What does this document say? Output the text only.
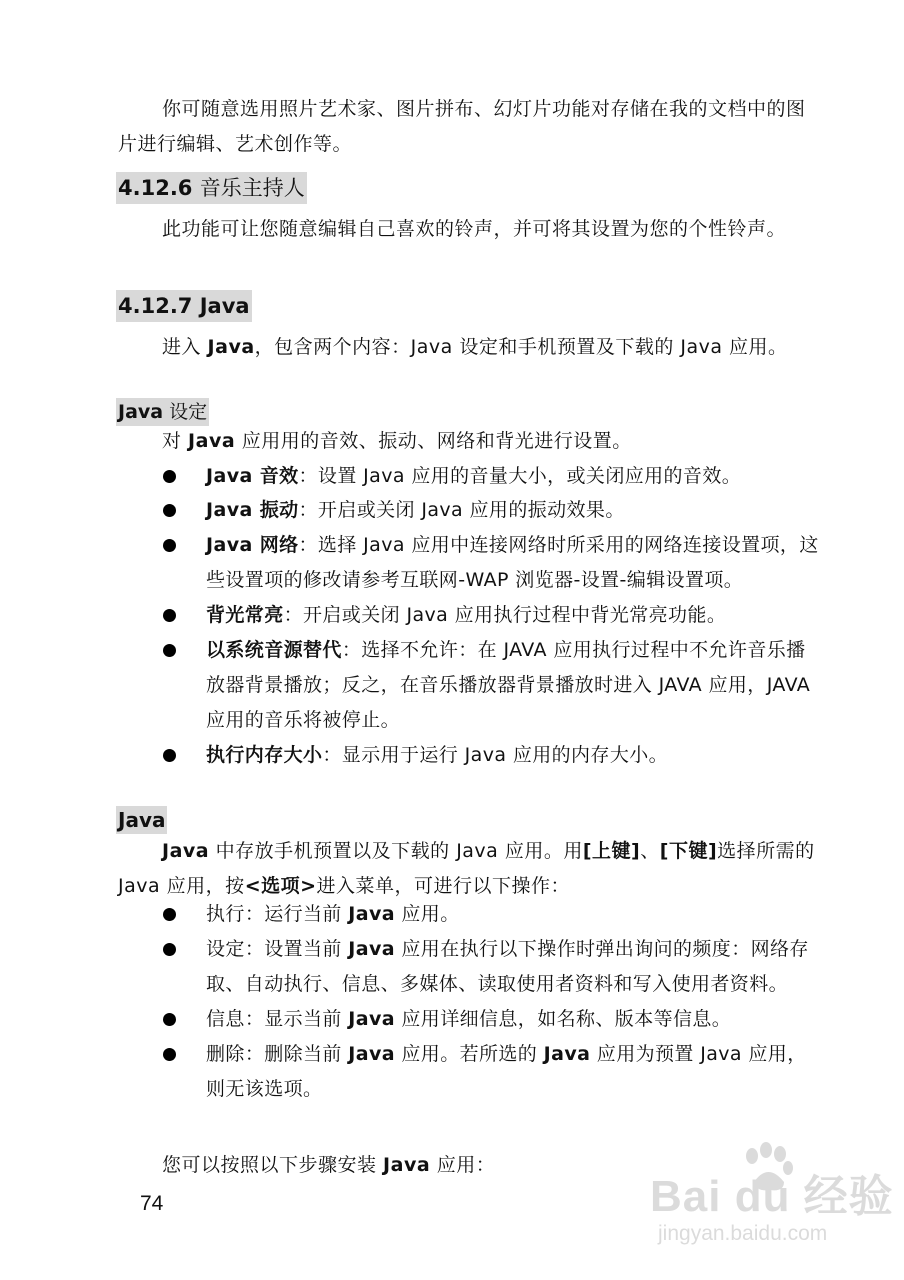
你可随意选用照片艺术家、图片拼布、幻灯片功能对存储在我的文档中的图片进行编辑、艺术创作等。

4.12.6 音乐主持人

此功能可让您随意编辑自己喜欢的铃声，并可将其设置为您的个性铃声。

4.12.7 Java

进入 Java，包含两个内容：Java 设定和手机预置及下载的 Java 应用。

Java 设定

对 Java 应用用的音效、振动、网络和背光进行设置。

Java 音效：设置 Java 应用的音量大小，或关闭应用的音效。
Java 振动：开启或关闭 Java 应用的振动效果。
Java 网络：选择 Java 应用中连接网络时所采用的网络连接设置项，这些设置项的修改请参考互联网-WAP 浏览器-设置-编辑设置项。
背光常亮：开启或关闭 Java 应用执行过程中背光常亮功能。
以系统音源替代：选择不允许：在 JAVA 应用执行过程中不允许音乐播放器背景播放；反之，在音乐播放器背景播放时进入 JAVA 应用，JAVA 应用的音乐将被停止。
执行内存大小：显示用于运行 Java 应用的内存大小。
Java

Java 中存放手机预置以及下载的 Java 应用。用[上键]、[下键]选择所需的 Java 应用，按<选项>进入菜单，可进行以下操作：

执行：运行当前 Java 应用。
设定：设置当前 Java 应用在执行以下操作时弹出询问的频度：网络存取、自动执行、信息、多媒体、读取使用者资料和写入使用者资料。
信息：显示当前 Java 应用详细信息，如名称、版本等信息。
删除：删除当前 Java 应用。若所选的 Java 应用为预置 Java 应用，则无该选项。

您可以按照以下步骤安装 Java 应用：

74	Bai du 经验
jingyan.baidu.com
